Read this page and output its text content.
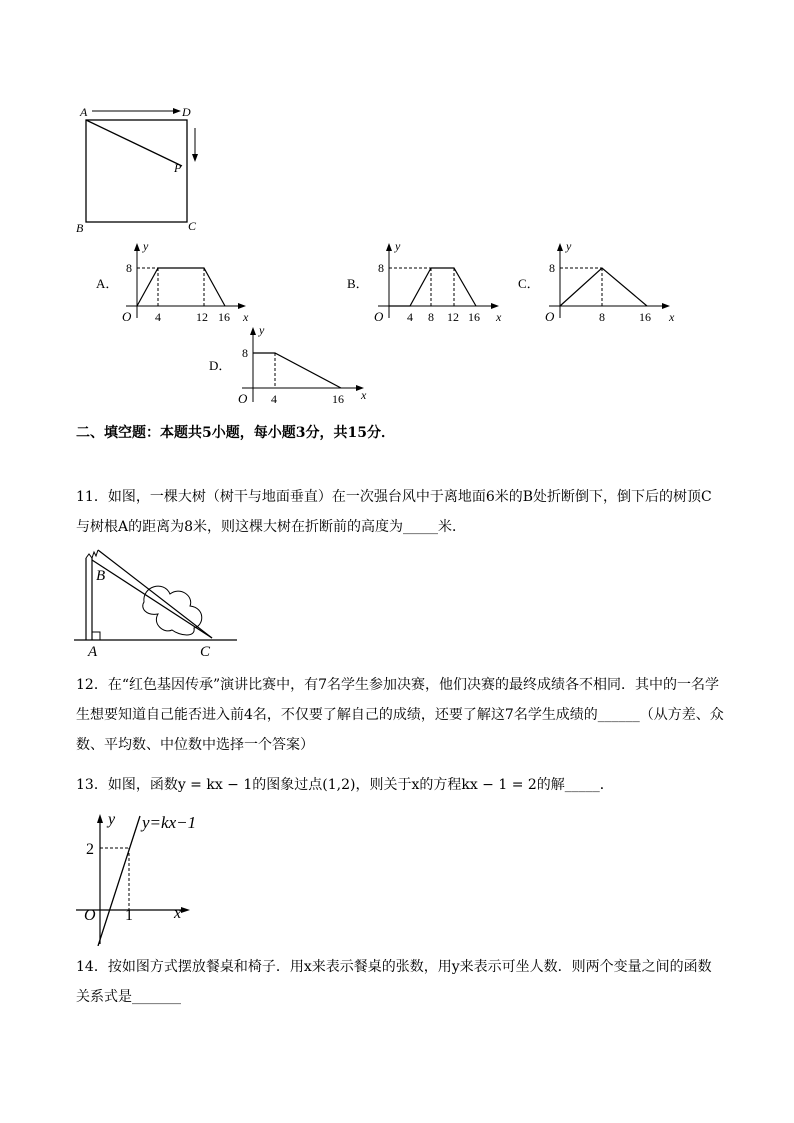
A	D
P
B	C
A．
y
8
O 4	12 16 x
B．
y
8
O 4 8 12 16 x
C．
y
8
O	8	16 x
D．
y
8
O 4	16 x

二、填空题：本题共5小题，每小题3分，共15分．

11．如图，一棵大树（树干与地面垂直）在一次强台风中于离地面6米的B处折断倒下，倒下后的树顶C与树根A的距离为8米，则这棵大树在折断前的高度为_____米．

B
A	C

12．在“红色基因传承”演讲比赛中，有7名学生参加决赛，他们决赛的最终成绩各不相同．其中的一名学生想要知道自己能否进入前4名，不仅要了解自己的成绩，还要了解这7名学生成绩的______（从方差、众数、平均数、中位数中选择一个答案）

13．如图，函数y = kx − 1的图象过点(1,2)，则关于x的方程kx − 1 = 2的解_____．

y y=kx−1
2
O 1	x

14．按如图方式摆放餐桌和椅子．用x来表示餐桌的张数，用y来表示可坐人数．则两个变量之间的函数关系式是_______
